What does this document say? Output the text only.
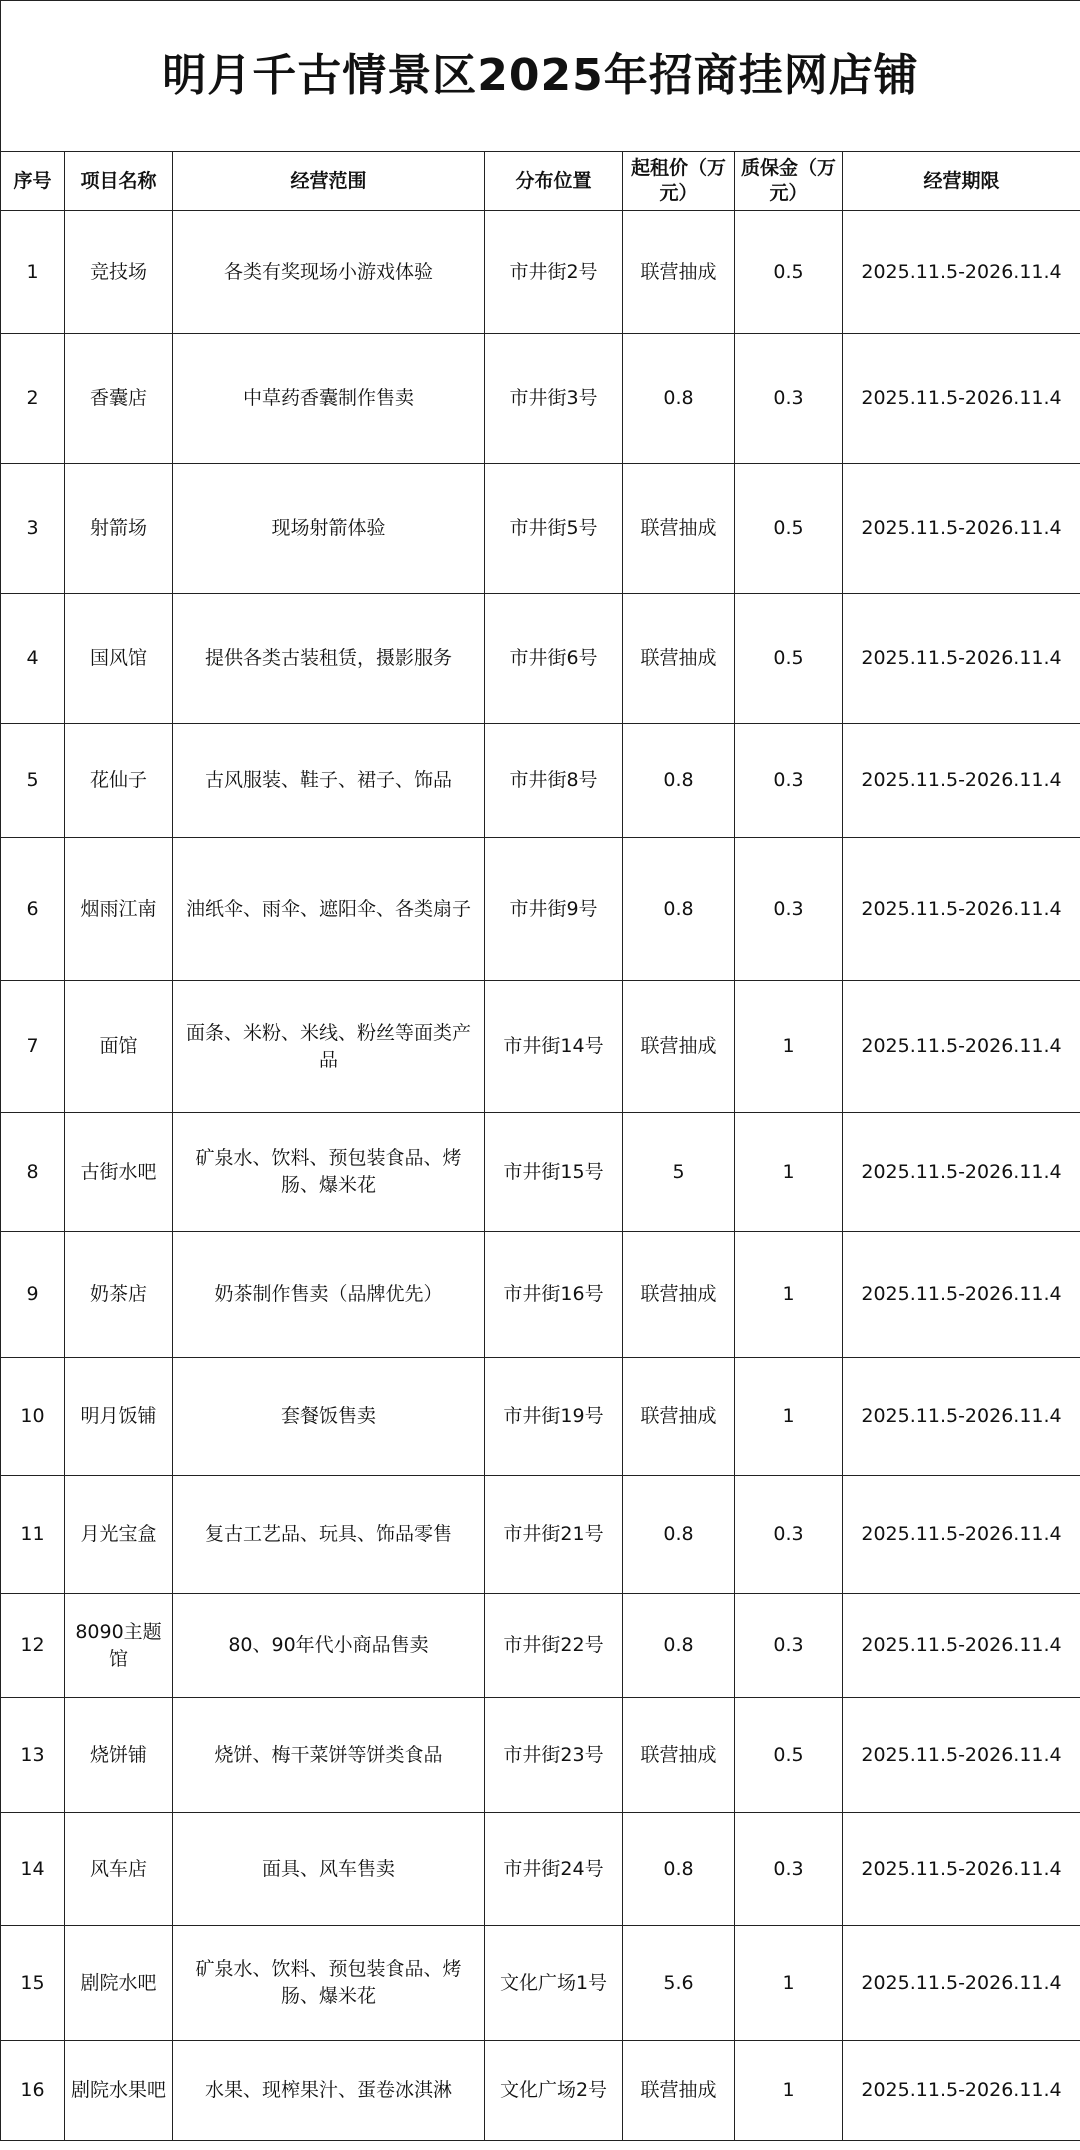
明月千古情景区2025年招商挂网店铺						
序号	项目名称	经营范围	分布位置	起租价（万元）	质保金（万元）	经营期限
1	竞技场	各类有奖现场小游戏体验	市井街2号	联营抽成	0.5	2025.11.5-2026.11.4
2	香囊店	中草药香囊制作售卖	市井街3号	0.8	0.3	2025.11.5-2026.11.4
3	射箭场	现场射箭体验	市井街5号	联营抽成	0.5	2025.11.5-2026.11.4
4	国风馆	提供各类古装租赁，摄影服务	市井街6号	联营抽成	0.5	2025.11.5-2026.11.4
5	花仙子	古风服装、鞋子、裙子、饰品	市井街8号	0.8	0.3	2025.11.5-2026.11.4
6	烟雨江南	油纸伞、雨伞、遮阳伞、各类扇子	市井街9号	0.8	0.3	2025.11.5-2026.11.4
7	面馆	面条、米粉、米线、粉丝等面类产品	市井街14号	联营抽成	1	2025.11.5-2026.11.4
8	古街水吧	矿泉水、饮料、预包装食品、烤肠、爆米花	市井街15号	5	1	2025.11.5-2026.11.4
9	奶茶店	奶茶制作售卖（品牌优先）	市井街16号	联营抽成	1	2025.11.5-2026.11.4
10	明月饭铺	套餐饭售卖	市井街19号	联营抽成	1	2025.11.5-2026.11.4
11	月光宝盒	复古工艺品、玩具、饰品零售	市井街21号	0.8	0.3	2025.11.5-2026.11.4
12	8090主题馆	80、90年代小商品售卖	市井街22号	0.8	0.3	2025.11.5-2026.11.4
13	烧饼铺	烧饼、梅干菜饼等饼类食品	市井街23号	联营抽成	0.5	2025.11.5-2026.11.4
14	风车店	面具、风车售卖	市井街24号	0.8	0.3	2025.11.5-2026.11.4
15	剧院水吧	矿泉水、饮料、预包装食品、烤肠、爆米花	文化广场1号	5.6	1	2025.11.5-2026.11.4
16	剧院水果吧	水果、现榨果汁、蛋卷冰淇淋	文化广场2号	联营抽成	1	2025.11.5-2026.11.4
